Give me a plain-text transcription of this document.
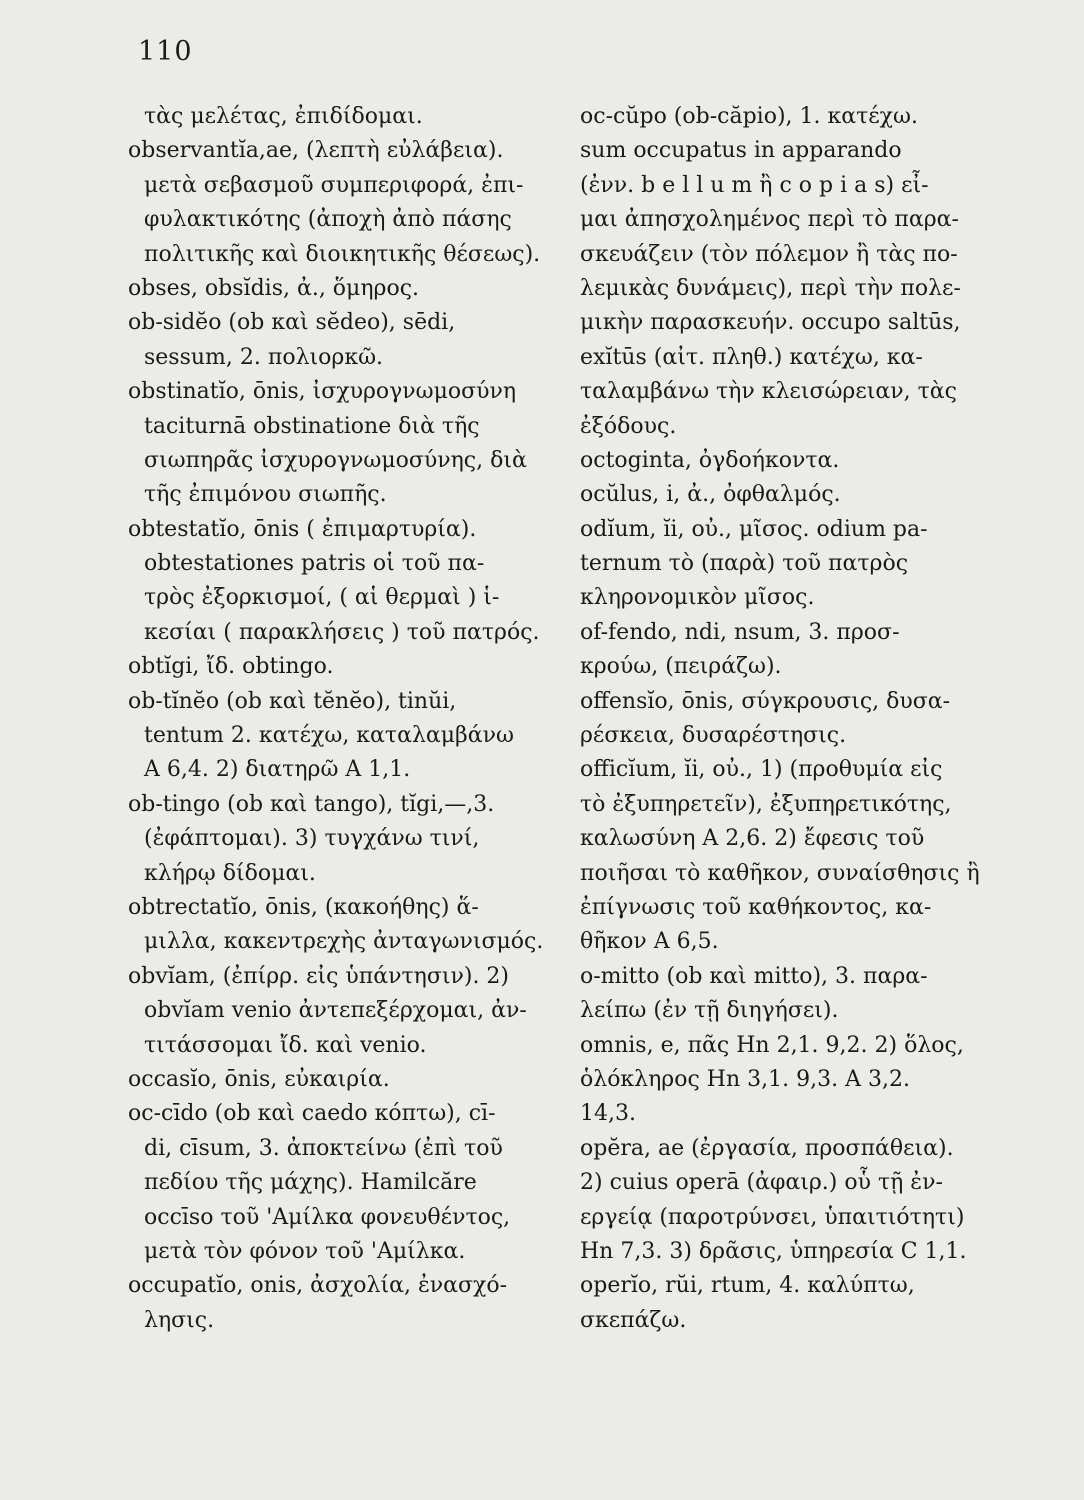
110
τὰς μελέτας, ἐπιδίδομαι.
observantĭa,ae, (λεπτὴ εὐλάβεια).
μετὰ σεβασμοῦ συμπεριφορά, ἐπι-
φυλακτικότης (ἀποχὴ ἀπὸ πάσης
πολιτικῆς καὶ διοικητικῆς θέσεως).
obses, obsĭdis, ἀ., ὅμηρος.
ob-sidĕo (ob καὶ sĕdeo), sēdi,
sessum, 2. πολιορκῶ.
obstinatĭo, ōnis, ἰσχυρογνωμοσύνη
taciturnā obstinatione διὰ τῆς
σιωπηρᾶς ἰσχυρογνωμοσύνης, διὰ
τῆς ἐπιμόνου σιωπῆς.
obtestatĭo, ōnis ( ἐπιμαρτυρία).
obtestationes patris οἱ τοῦ πα-
τρὸς ἐξορκισμοί, ( αἱ θερμαὶ ) ἱ-
κεσίαι ( παρακλήσεις ) τοῦ πατρός.
obtĭgi, ἴδ. obtingo.
ob-tĭnĕo (ob καὶ tĕnĕo), tinŭi,
tentum 2. κατέχω, καταλαμβάνω
A 6,4. 2) διατηρῶ A 1,1.
ob-tingo (ob καὶ tango), tĭgi,—,3.
(ἐφάπτομαι). 3) τυγχάνω τινί,
κλήρῳ δίδομαι.
obtrectatĭo, ōnis, (κακοήθης) ἅ-
μιλλα, κακεντρεχὴς ἀνταγωνισμός.
obvĭam, (ἐπίρρ. εἰς ὑπάντησιν). 2)
obvĭam venio ἀντεπεξέρχομαι, ἀν-
τιτάσσομαι ἴδ. καὶ venio.
occasĭo, ōnis, εὐκαιρία.
oc-cīdo (ob καὶ caedo κόπτω), cī-
di, cīsum, 3. ἀποκτείνω (ἐπὶ τοῦ
πεδίου τῆς μάχης). Hamilcăre
occīso τοῦ 'Αμίλκα φονευθέντος,
μετὰ τὸν φόνον τοῦ 'Αμίλκα.
occupatĭo, onis, ἀσχολία, ἐνασχό-
λησις.
oc-cŭpo (ob-căpio), 1. κατέχω.
sum occupatus in apparando
(ἐνν. b e l l u m ἢ c o p i a s) εἶ-
μαι ἀπησχολημένος περὶ τὸ παρα-
σκευάζειν (τὸν πόλεμον ἢ τὰς πο-
λεμικὰς δυνάμεις), περὶ τὴν πολε-
μικὴν παρασκευήν. occupo saltūs,
exĭtūs (αἰτ. πληθ.) κατέχω, κα-
ταλαμβάνω τὴν κλεισώρειαν, τὰς
ἐξόδους.
octoginta, ὀγδοήκοντα.
ocŭlus, i, ἀ., ὀφθαλμός.
odĭum, ĭi, οὐ., μῖσος. odium pa-
ternum τὸ (παρὰ) τοῦ πατρὸς
κληρονομικὸν μῖσος.
of-fendo, ndi, nsum, 3. προσ-
κρούω, (πειράζω).
offensĭo, ōnis, σύγκρουσις, δυσα-
ρέσκεια, δυσαρέστησις.
officĭum, ĭi, οὐ., 1) (προθυμία εἰς
τὸ ἐξυπηρετεῖν), ἐξυπηρετικότης,
καλωσύνη A 2,6. 2) ἔφεσις τοῦ
ποιῆσαι τὸ καθῆκον, συναίσθησις ἢ
ἐπίγνωσις τοῦ καθήκοντος, κα-
θῆκον A 6,5.
o-mitto (ob καὶ mitto), 3. παρα-
λείπω (ἐν τῇ διηγήσει).
omnis, e, πᾶς Hn 2,1. 9,2. 2) ὅλος,
ὁλόκληρος Hn 3,1. 9,3. A 3,2.
14,3.
opĕra, ae (ἐργασία, προσπάθεια).
2) cuius operā (ἀφαιρ.) οὗ τῇ ἐν-
εργείᾳ (παροτρύνσει, ὑπαιτιότητι)
Hn 7,3. 3) δρᾶσις, ὑπηρεσία C 1,1.
operĭo, rŭi, rtum, 4. καλύπτω,
σκεπάζω.
